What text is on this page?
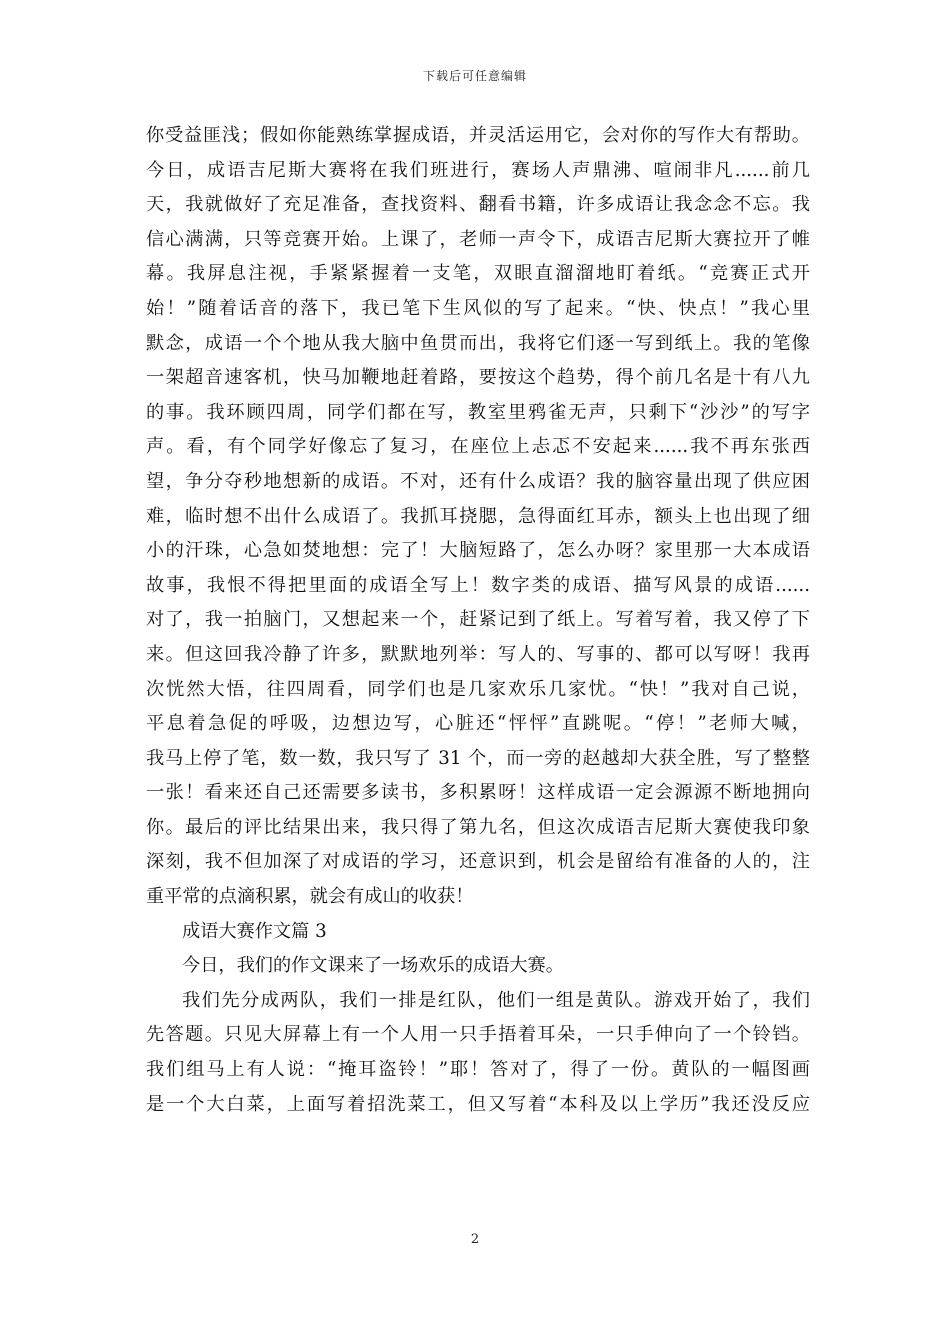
下载后可任意编辑
你受益匪浅；假如你能熟练掌握成语，并灵活运用它，会对你的写作大有帮助。
今日，成语吉尼斯大赛将在我们班进行，赛场人声鼎沸、喧闹非凡......前几
天，我就做好了充足准备，查找资料、翻看书籍，许多成语让我念念不忘。我
信心满满，只等竞赛开始。上课了，老师一声令下，成语吉尼斯大赛拉开了帷
幕。我屏息注视，手紧紧握着一支笔，双眼直溜溜地盯着纸。“竞赛正式开
始！”随着话音的落下，我已笔下生风似的写了起来。“快、快点！”我心里
默念，成语一个个地从我大脑中鱼贯而出，我将它们逐一写到纸上。我的笔像
一架超音速客机，快马加鞭地赶着路，要按这个趋势，得个前几名是十有八九
的事。我环顾四周，同学们都在写，教室里鸦雀无声，只剩下“沙沙”的写字
声。看，有个同学好像忘了复习，在座位上忐忑不安起来......我不再东张西
望，争分夺秒地想新的成语。不对，还有什么成语？我的脑容量出现了供应困
难，临时想不出什么成语了。我抓耳挠腮，急得面红耳赤，额头上也出现了细
小的汗珠，心急如焚地想：完了！大脑短路了，怎么办呀？家里那一大本成语
故事，我恨不得把里面的成语全写上！数字类的成语、描写风景的成语......
对了，我一拍脑门，又想起来一个，赶紧记到了纸上。写着写着，我又停了下
来。但这回我冷静了许多，默默地列举：写人的、写事的、都可以写呀！我再
次恍然大悟，往四周看，同学们也是几家欢乐几家忧。“快！”我对自己说，
平息着急促的呼吸，边想边写，心脏还“怦怦”直跳呢。“停！”老师大喊，
我马上停了笔，数一数，我只写了 31 个，而一旁的赵越却大获全胜，写了整整
一张！看来还自己还需要多读书，多积累呀！这样成语一定会源源不断地拥向
你。最后的评比结果出来，我只得了第九名，但这次成语吉尼斯大赛使我印象
深刻，我不但加深了对成语的学习，还意识到，机会是留给有准备的人的，注
重平常的点滴积累，就会有成山的收获！
成语大赛作文篇 3
今日，我们的作文课来了一场欢乐的成语大赛。
我们先分成两队，我们一排是红队，他们一组是黄队。游戏开始了，我们
先答题。只见大屏幕上有一个人用一只手捂着耳朵，一只手伸向了一个铃铛。
我们组马上有人说：“掩耳盗铃！”耶！答对了，得了一份。黄队的一幅图画
是一个大白菜，上面写着招洗菜工，但又写着“本科及以上学历”我还没反应
2
